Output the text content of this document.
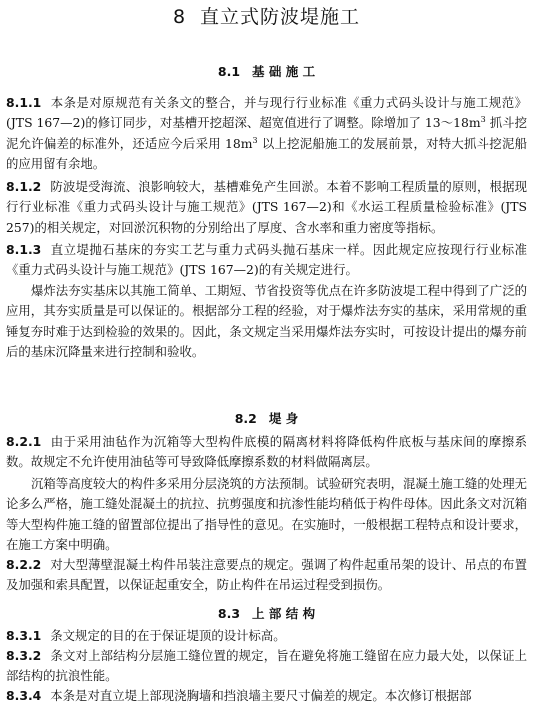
8 直立式防波堤施工
8.1 基 础 施 工

8.1.1 本条是对原规范有关条文的整合，并与现行行业标准《重力式码头设计与施工规范》(JTS 167—2)的修订同步，对基槽开挖超深、超宽值进行了调整。除增加了 $13\sim 18m^3$ 抓斗挖泥允许偏差的标准外，还适应今后采用 $18m^3$ 以上挖泥船施工的发展前景，对特大抓斗挖泥船的应用留有余地。

8.1.2 防波堤受海流、浪影响较大，基槽难免产生回淤。本着不影响工程质量的原则，根据现行行业标准《重力式码头设计与施工规范》(JTS 167—2)和《水运工程质量检验标准》(JTS 257)的相关规定，对回淤沉积物的分别给出了厚度、含水率和重力密度等指标。

8.1.3 直立堤抛石基床的夯实工艺与重力式码头抛石基床一样。因此规定应按现行行业标准《重力式码头设计与施工规范》(JTS 167—2)的有关规定进行。

爆炸法夯实基床以其施工简单、工期短、节省投资等优点在许多防波堤工程中得到了广泛的应用，其夯实质量是可以保证的。根据部分工程的经验，对于爆炸法夯实的基床，采用常规的重锤复夯时难于达到检验的效果的。因此，条文规定当采用爆炸法夯实时，可按设计提出的爆夯前后的基床沉降量来进行控制和验收。

8.2 堤 身

8.2.1 由于采用油毡作为沉箱等大型构件底模的隔离材料将降低构件底板与基床间的摩擦系数。故规定不允许使用油毡等可导致降低摩擦系数的材料做隔离层。

沉箱等高度较大的构件多采用分层浇筑的方法预制。试验研究表明，混凝土施工缝的处理无论多么严格，施工缝处混凝土的抗拉、抗剪强度和抗渗性能均稍低于构件母体。因此条文对沉箱等大型构件施工缝的留置部位提出了指导性的意见。在实施时，一般根据工程特点和设计要求，在施工方案中明确。

8.2.2 对大型薄壁混凝土构件吊装注意要点的规定。强调了构件起重吊架的设计、吊点的布置及加强和索具配置，以保证起重安全，防止构件在吊运过程受到损伤。

8.3 上 部 结 构

8.3.1 条文规定的目的在于保证堤顶的设计标高。

8.3.2 条文对上部结构分层施工缝位置的规定，旨在避免将施工缝留在应力最大处，以保证上部结构的抗浪性能。

8.3.4 本条是对直立堤上部现浇胸墙和挡浪墙主要尺寸偏差的规定。本次修订根据部
